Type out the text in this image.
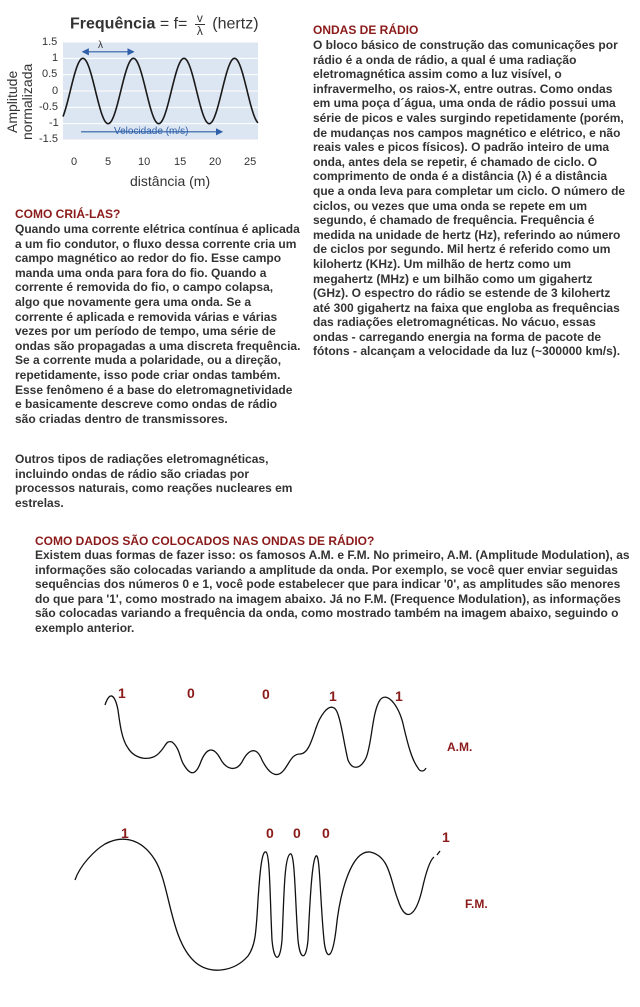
Frequência = $f= \frac{v}{\lambda}$ (hertz)
Amplitude normalizada
1.5
1
0.5
0
-0.5
-1
-1.5
0	5 10 15 20 25
λ
Velocidade (m/s)
distância (m)
ONDAS DE RÁDIO

O bloco básico de construção das comunicações por rádio é a onda de rádio, a qual é uma radiação eletromagnética assim como a luz visível, o infravermelho, os raios-X, entre outras. Como ondas em uma poça d´água, uma onda de rádio possui uma série de picos e vales surgindo repetidamente (porém, de mudanças nos campos magnético e elétrico, e não reais vales e picos físicos). O padrão inteiro de uma onda, antes dela se repetir, é chamado de ciclo. O comprimento de onda é a distância (λ) é a distância que a onda leva para completar um ciclo. O número de ciclos, ou vezes que uma onda se repete em um segundo, é chamado de frequência. Frequência é medida na unidade de hertz (Hz), referindo ao número de ciclos por segundo. Mil hertz é referido como um kilohertz (KHz). Um milhão de hertz como um megahertz (MHz) e um bilhão como um gigahertz (GHz). O espectro do rádio se estende de 3 kilohertz até 300 gigahertz na faixa que engloba as frequências das radiações eletromagnéticas. No vácuo, essas ondas - carregando energia na forma de pacote de fótons - alcançam a velocidade da luz (~300000 km/s).

COMO CRIÁ-LAS?

Quando uma corrente elétrica contínua é aplicada a um fio condutor, o fluxo dessa corrente cria um campo magnético ao redor do fio. Esse campo manda uma onda para fora do fio. Quando a corrente é removida do fio, o campo colapsa, algo que novamente gera uma onda. Se a corrente é aplicada e removida várias e várias vezes por um período de tempo, uma série de ondas são propagadas a uma discreta frequência. Se a corrente muda a polaridade, ou a direção, repetidamente, isso pode criar ondas também. Esse fenômeno é a base do eletromagnetividade e basicamente descreve como ondas de rádio são criadas dentro de transmissores.

Outros tipos de radiações eletromagnéticas, incluindo ondas de rádio são criadas por processos naturais, como reações nucleares em estrelas.

COMO DADOS SÃO COLOCADOS NAS ONDAS DE RÁDIO?

Existem duas formas de fazer isso: os famosos A.M. e F.M. No primeiro, A.M. (Amplitude Modulation), as informações são colocadas variando a amplitude da onda. Por exemplo, se você quer enviar seguidas sequências dos números 0 e 1, você pode estabelecer que para indicar '0', as amplitudes são menores do que para '1', como mostrado na imagem abaixo. Já no F.M. (Frequence Modulation), as informações são colocadas variando a frequência da onda, como mostrado também na imagem abaixo, seguindo o exemplo anterior.

1	0	0	1	1
A.M.
1	0 0 0	1
F.M.
